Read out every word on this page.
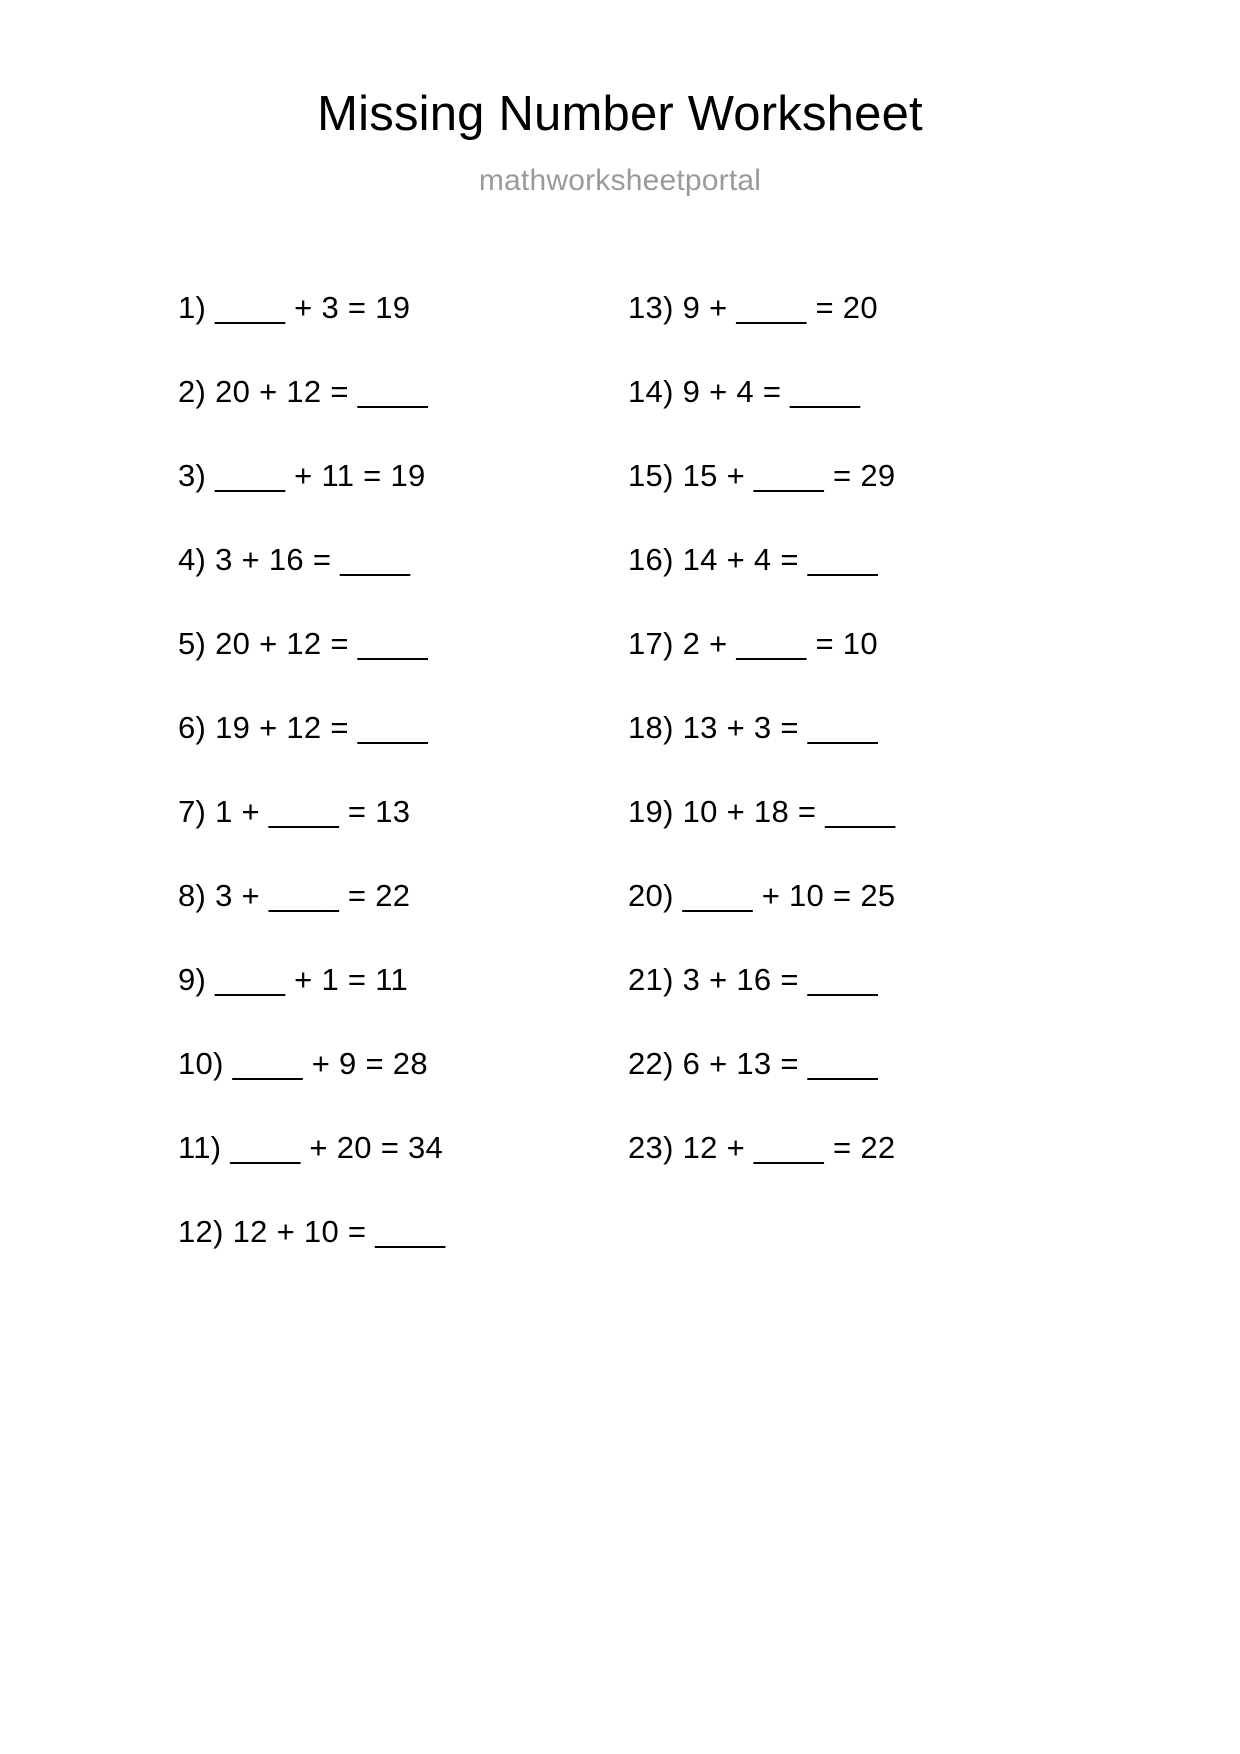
Missing Number Worksheet
mathworksheetportal
1) ____ + 3 = 19
2) 20 + 12 = ____
3) ____ + 11 = 19
4) 3 + 16 = ____
5) 20 + 12 = ____
6) 19 + 12 = ____
7) 1 + ____ = 13
8) 3 + ____ = 22
9) ____ + 1 = 11
10) ____ + 9 = 28
11) ____ + 20 = 34
12) 12 + 10 = ____
13) 9 + ____ = 20
14) 9 + 4 = ____
15) 15 + ____ = 29
16) 14 + 4 = ____
17) 2 + ____ = 10
18) 13 + 3 = ____
19) 10 + 18 = ____
20) ____ + 10 = 25
21) 3 + 16 = ____
22) 6 + 13 = ____
23) 12 + ____ = 22
